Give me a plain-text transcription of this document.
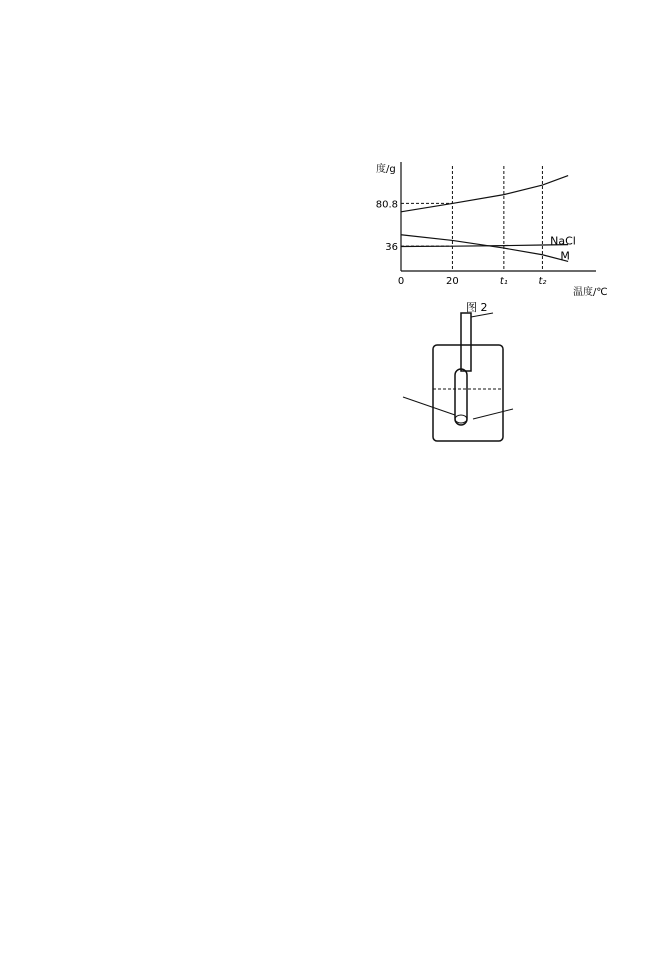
度/g
温度/℃
图 2
0	20	t₁	t₂
36
80.8
NaCl
M
